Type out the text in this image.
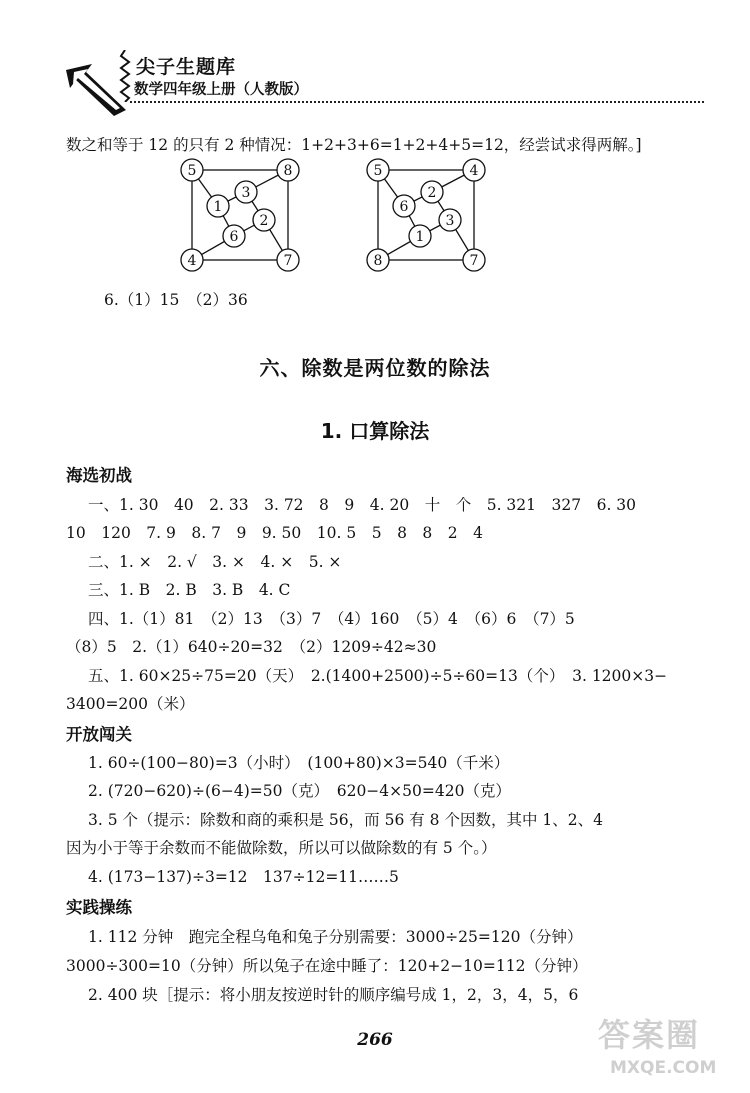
尖子生题库
数学四年级上册（人教版）
数之和等于 12 的只有 2 种情况：1+2+3+6=1+2+4+5=12，经尝试求得两解。]
5	8
7
4
3
2
6
1
5	4
7
8
2
3
1
6
6.（1）15　（2）36
六、除数是两位数的除法
1. 口算除法
海选初战
一、1. 30　40　2. 33　3. 72　8　9　4. 20　十　个　5. 321　327　6. 30
10　120　7. 9　8. 7　9　9. 50　10. 5　5　8　8　2　4
二、1. ×　2. √　3. ×　4. ×　5. ×
三、1. B　2. B　3. B　4. C
四、1.（1）81　（2）13　（3）7　（4）160　（5）4　（6）6　（7）5
（8）5　2.（1）640÷20=32　（2）1209÷42≈30
五、1. 60×25÷75=20（天）　2.(1400+2500)÷5÷60=13（个）　3. 1200×3−
3400=200（米）
开放闯关
1. 60÷(100−80)=3（小时）　(100+80)×3=540（千米）
2. (720−620)÷(6−4)=50（克）　620−4×50=420（克）
3. 5 个（提示：除数和商的乘积是 56，而 56 有 8 个因数，其中 1、2、4
因为小于等于余数而不能做除数，所以可以做除数的有 5 个。）
4. (173−137)÷3=12　137÷12=11……5
实践操练
1. 112 分钟　跑完全程乌龟和兔子分别需要：3000÷25=120（分钟）
3000÷300=10（分钟）所以兔子在途中睡了：120+2−10=112（分钟）
2. 400 块［提示：将小朋友按逆时针的顺序编号成 1，2，3，4，5，6
266	答案圈
MXQE.COM
